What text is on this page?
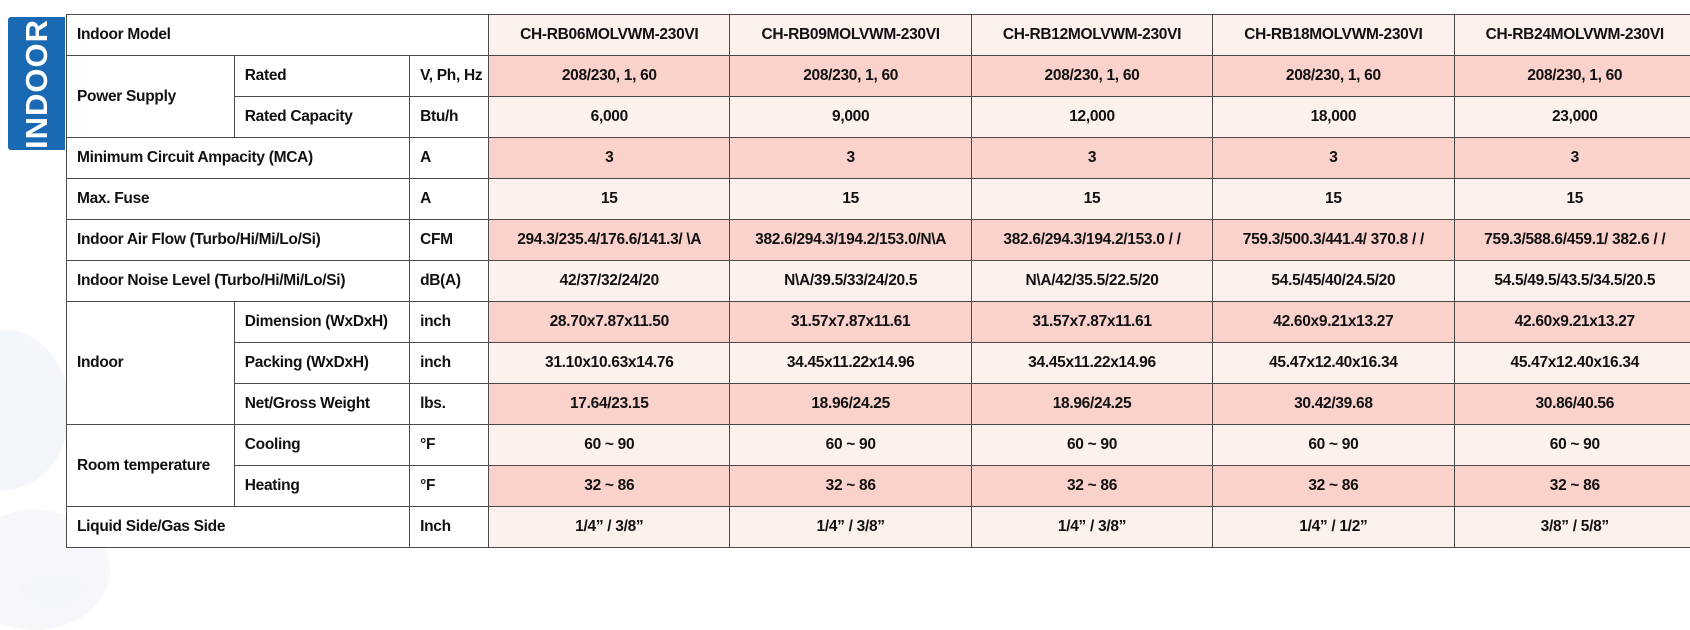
INDOOR Indoor Model			CH-RB06MOLVWM-230VI	CH-RB09MOLVWM-230VI	CH-RB12MOLVWM-230VI	CH-RB18MOLVWM-230VI	CH-RB24MOLVWM-230VI
Power Supply	Rated	V, Ph, Hz	208/230, 1, 60	208/230, 1, 60	208/230, 1, 60	208/230, 1, 60	208/230, 1, 60
	Rated Capacity	Btu/h	6,000	9,000	12,000	18,000	23,000
Minimum Circuit Ampacity (MCA)		A	3	3	3	3	3
Max. Fuse		A	15	15	15	15	15
Indoor Air Flow (Turbo/Hi/Mi/Lo/Si)		CFM	294.3/235.4/176.6/141.3/ \A	382.6/294.3/194.2/153.0/N\A	382.6/294.3/194.2/153.0 / /	759.3/500.3/441.4/ 370.8 / /	759.3/588.6/459.1/ 382.6 / /
Indoor Noise Level (Turbo/Hi/Mi/Lo/Si)		dB(A)	42/37/32/24/20	N\A/39.5/33/24/20.5	N\A/42/35.5/22.5/20	54.5/45/40/24.5/20	54.5/49.5/43.5/34.5/20.5
Indoor	Dimension (WxDxH)	inch	28.70x7.87x11.50	31.57x7.87x11.61	31.57x7.87x11.61	42.60x9.21x13.27	42.60x9.21x13.27
	Packing (WxDxH)	inch	31.10x10.63x14.76	34.45x11.22x14.96	34.45x11.22x14.96	45.47x12.40x16.34	45.47x12.40x16.34
	Net/Gross Weight	lbs.	17.64/23.15	18.96/24.25	18.96/24.25	30.42/39.68	30.86/40.56
Room temperature	Cooling	°F	60 ~ 90	60 ~ 90	60 ~ 90	60 ~ 90	60 ~ 90
	Heating	°F	32 ~ 86	32 ~ 86	32 ~ 86	32 ~ 86	32 ~ 86
Liquid Side/Gas Side		Inch	1/4” / 3/8”	1/4” / 3/8”	1/4” / 3/8”	1/4” / 1/2”	3/8” / 5/8”
